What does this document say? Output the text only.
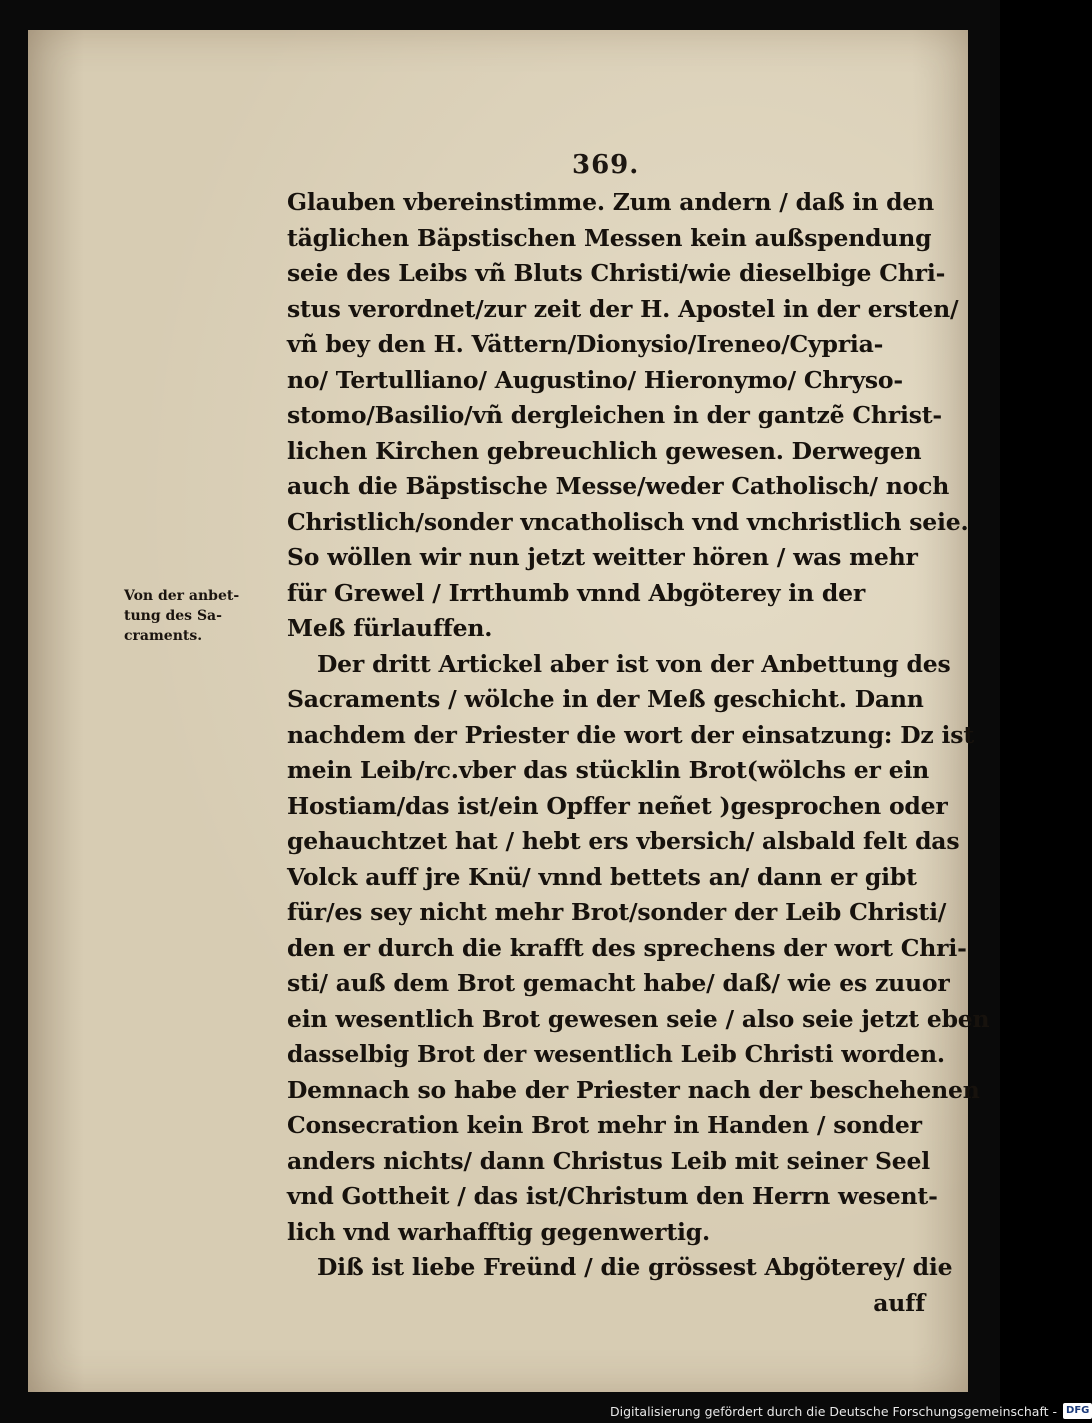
369.
Von der anbet-
tung des Sa-
craments.
Glauben vbereinstimme. Zum andern / daß in den
täglichen Bäpstischen Messen kein außspendung
seie des Leibs vñ Bluts Christi/wie dieselbige Chri-
stus verordnet/zur zeit der H. Apostel in der ersten/
vñ bey den H. Vättern/Dionysio/Ireneo/Cypria-
no/ Tertulliano/ Augustino/ Hieronymo/ Chryso-
stomo/Basilio/vñ dergleichen in der gantzẽ Christ-
lichen Kirchen gebreuchlich gewesen. Derwegen
auch die Bäpstische Messe/weder Catholisch/ noch
Christlich/sonder vncatholisch vnd vnchristlich seie.
So wöllen wir nun jetzt weitter hören / was mehr
für Grewel / Irrthumb vnnd Abgöterey in der
Meß fürlauffen.
Der dritt Artickel aber ist von der Anbettung des
Sacraments / wölche in der Meß geschicht. Dann
nachdem der Priester die wort der einsatzung: Dz ist
mein Leib/rc.vber das stücklin Brot(wölchs er ein
Hostiam/das ist/ein Opffer neñet )gesprochen oder
gehauchtzet hat / hebt ers vbersich/ alsbald felt das
Volck auff jre Knü/ vnnd bettets an/ dann er gibt
für/es sey nicht mehr Brot/sonder der Leib Christi/
den er durch die krafft des sprechens der wort Chri-
sti/ auß dem Brot gemacht habe/ daß/ wie es zuuor
ein wesentlich Brot gewesen seie / also seie jetzt eben
dasselbig Brot der wesentlich Leib Christi worden.
Demnach so habe der Priester nach der beschehenen
Consecration kein Brot mehr in Handen / sonder
anders nichts/ dann Christus Leib mit seiner Seel
vnd Gottheit / das ist/Christum den Herrn wesent-
lich vnd warhafftig gegenwertig.
Diß ist liebe Freünd / die grössest Abgöterey/ die
auff
Digitalisierung gefördert durch die Deutsche Forschungsgemeinschaft - DFG
